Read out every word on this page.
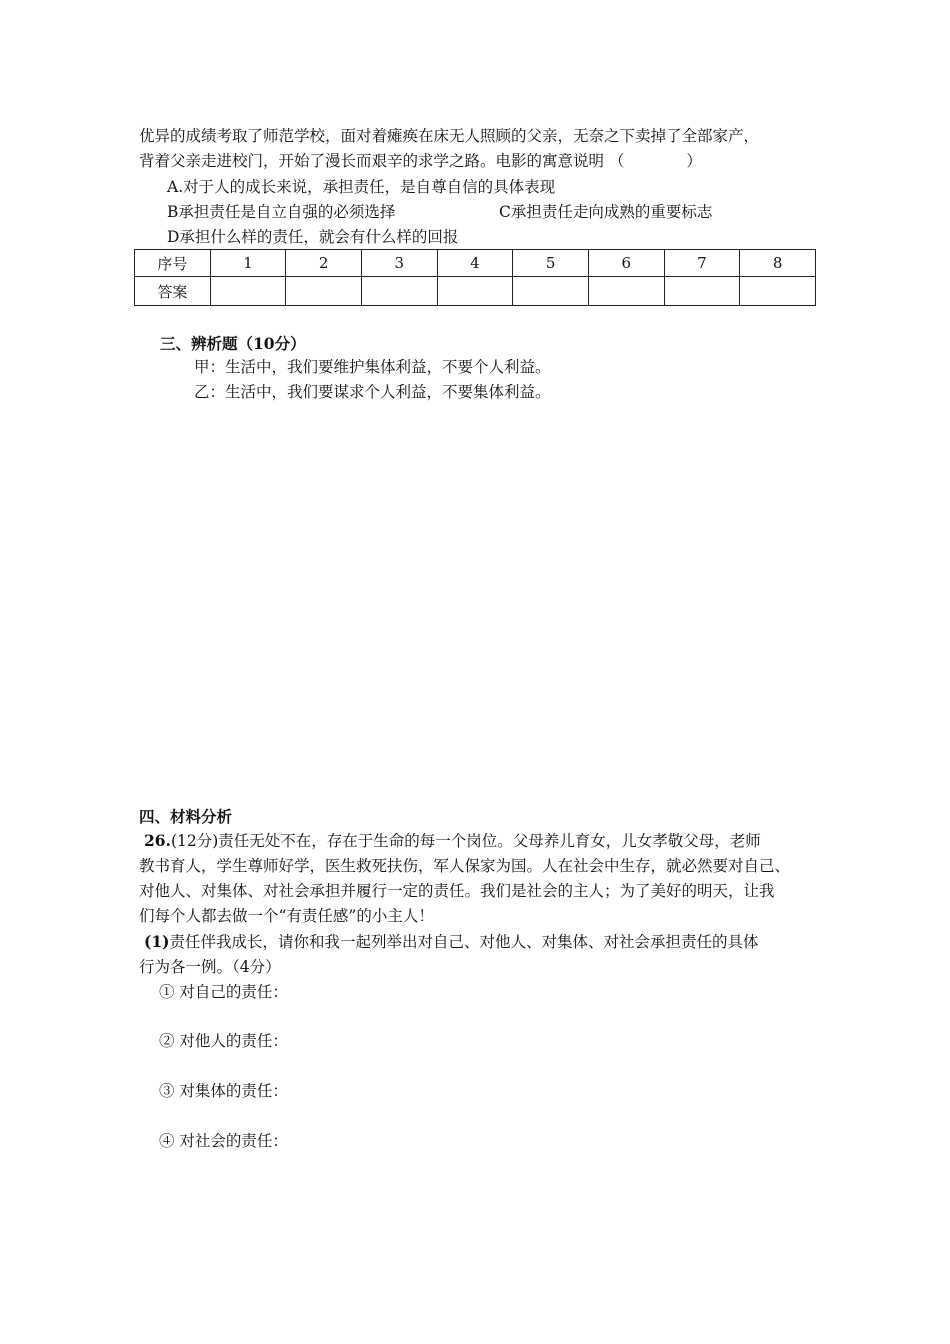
优异的成绩考取了师范学校，面对着瘫痪在床无人照顾的父亲，无奈之下卖掉了全部家产，
背着父亲走进校门，开始了漫长而艰辛的求学之路。电影的寓意说明 （　　　　）
A.对于人的成长来说，承担责任，是自尊自信的具体表现
B承担责任是自立自强的必须选择	C承担责任走向成熟的重要标志
D承担什么样的责任，就会有什么样的回报
序号	1	2	3	4	5	6	7	8
答案								
三、辨析题（10分）
甲：生活中，我们要维护集体利益，不要个人利益。
乙：生活中，我们要谋求个人利益，不要集体利益。
四、材料分析
26.(12分)责任无处不在，存在于生命的每一个岗位。父母养儿育女，儿女孝敬父母，老师
教书育人，学生尊师好学，医生救死扶伤，军人保家为国。人在社会中生存，就必然要对自己、
对他人、对集体、对社会承担并履行一定的责任。我们是社会的主人；为了美好的明天，让我
们每个人都去做一个“有责任感”的小主人！
(1)责任伴我成长，请你和我一起列举出对自己、对他人、对集体、对社会承担责任的具体
行为各一例。（4分）
① 对自己的责任：
② 对他人的责任：
③ 对集体的责任：
④ 对社会的责任：
